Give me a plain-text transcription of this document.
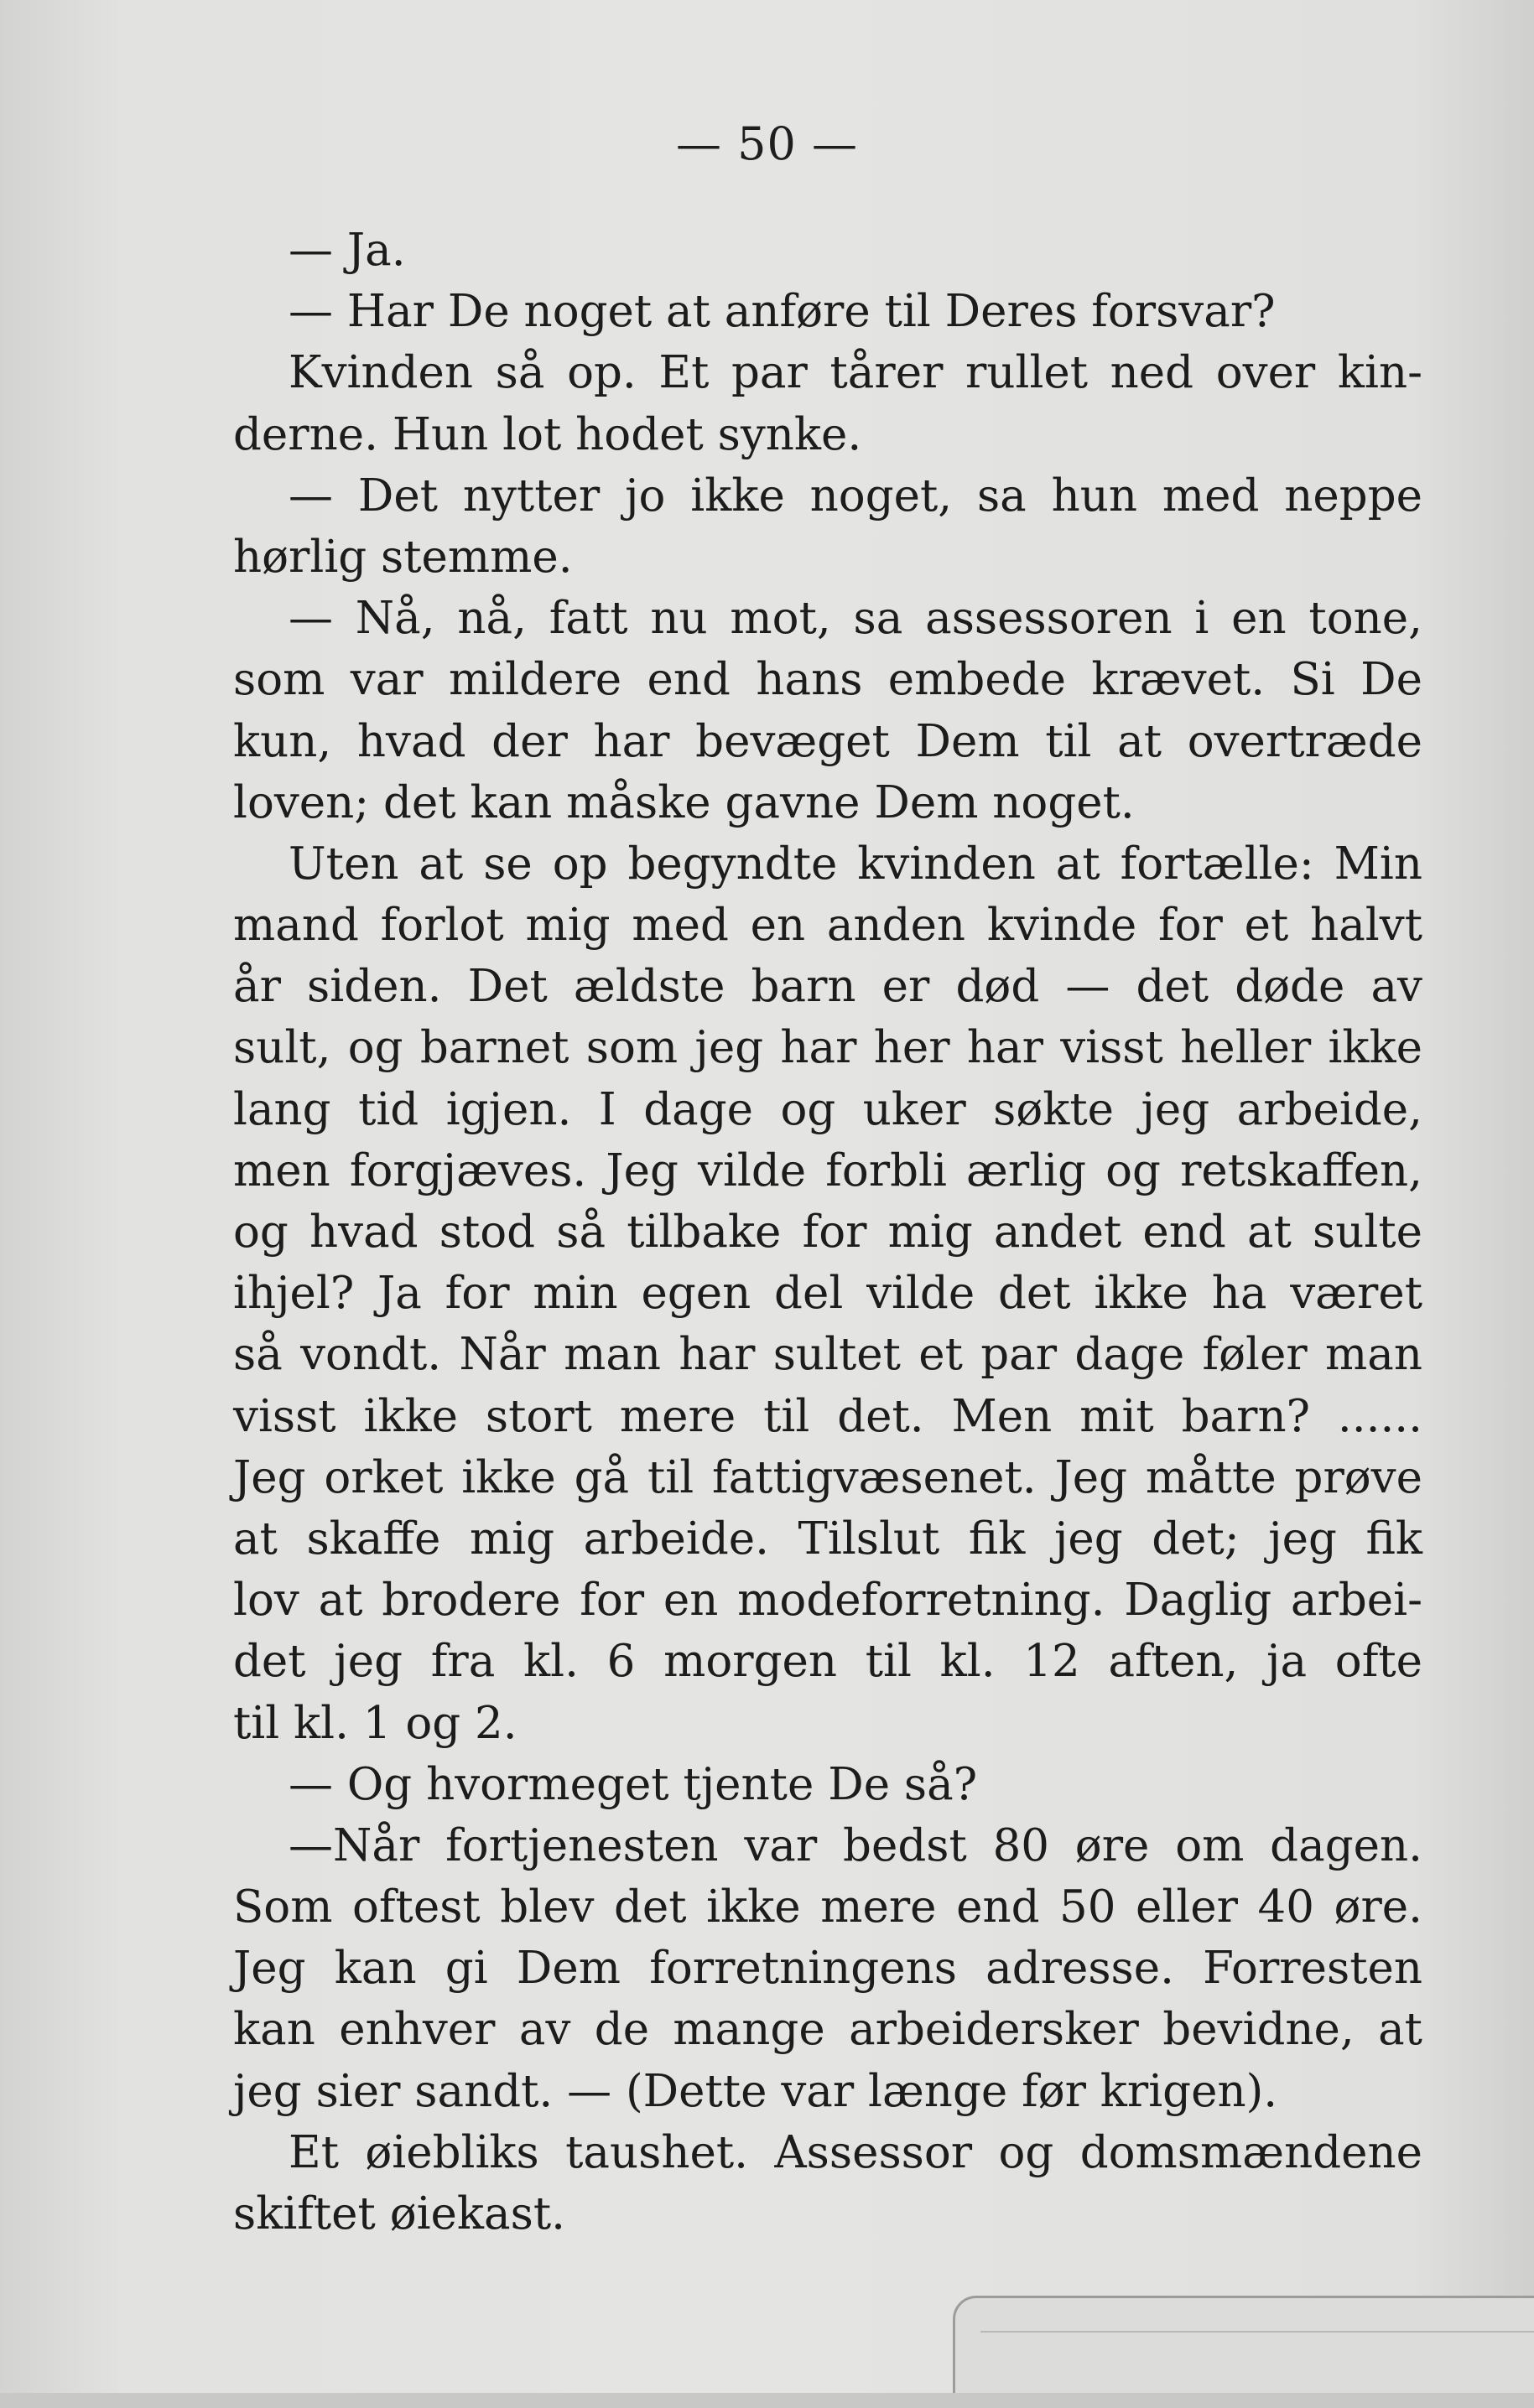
— 50 —
— Ja.
— Har De noget at anføre til Deres forsvar?
Kvinden så op. Et par tårer rullet ned over kin-
derne. Hun lot hodet synke.
— Det nytter jo ikke noget, sa hun med neppe
hørlig stemme.
— Nå, nå, fatt nu mot, sa assessoren i en tone,
som var mildere end hans embede krævet. Si De
kun, hvad der har bevæget Dem til at overtræde
loven; det kan måske gavne Dem noget.
Uten at se op begyndte kvinden at fortælle: Min
mand forlot mig med en anden kvinde for et halvt
år siden. Det ældste barn er død — det døde av
sult, og barnet som jeg har her har visst heller ikke
lang tid igjen. I dage og uker søkte jeg arbeide,
men forgjæves. Jeg vilde forbli ærlig og retskaffen,
og hvad stod så tilbake for mig andet end at sulte
ihjel? Ja for min egen del vilde det ikke ha været
så vondt. Når man har sultet et par dage føler man
visst ikke stort mere til det. Men mit barn? ......
Jeg orket ikke gå til fattigvæsenet. Jeg måtte prøve
at skaffe mig arbeide. Tilslut fik jeg det; jeg fik
lov at brodere for en modeforretning. Daglig arbei-
det jeg fra kl. 6 morgen til kl. 12 aften, ja ofte
til kl. 1 og 2.
— Og hvormeget tjente De så?
—Når fortjenesten var bedst 80 øre om dagen.
Som oftest blev det ikke mere end 50 eller 40 øre.
Jeg kan gi Dem forretningens adresse. Forresten
kan enhver av de mange arbeidersker bevidne, at
jeg sier sandt. — (Dette var længe før krigen).
Et øiebliks taushet. Assessor og domsmændene
skiftet øiekast.
